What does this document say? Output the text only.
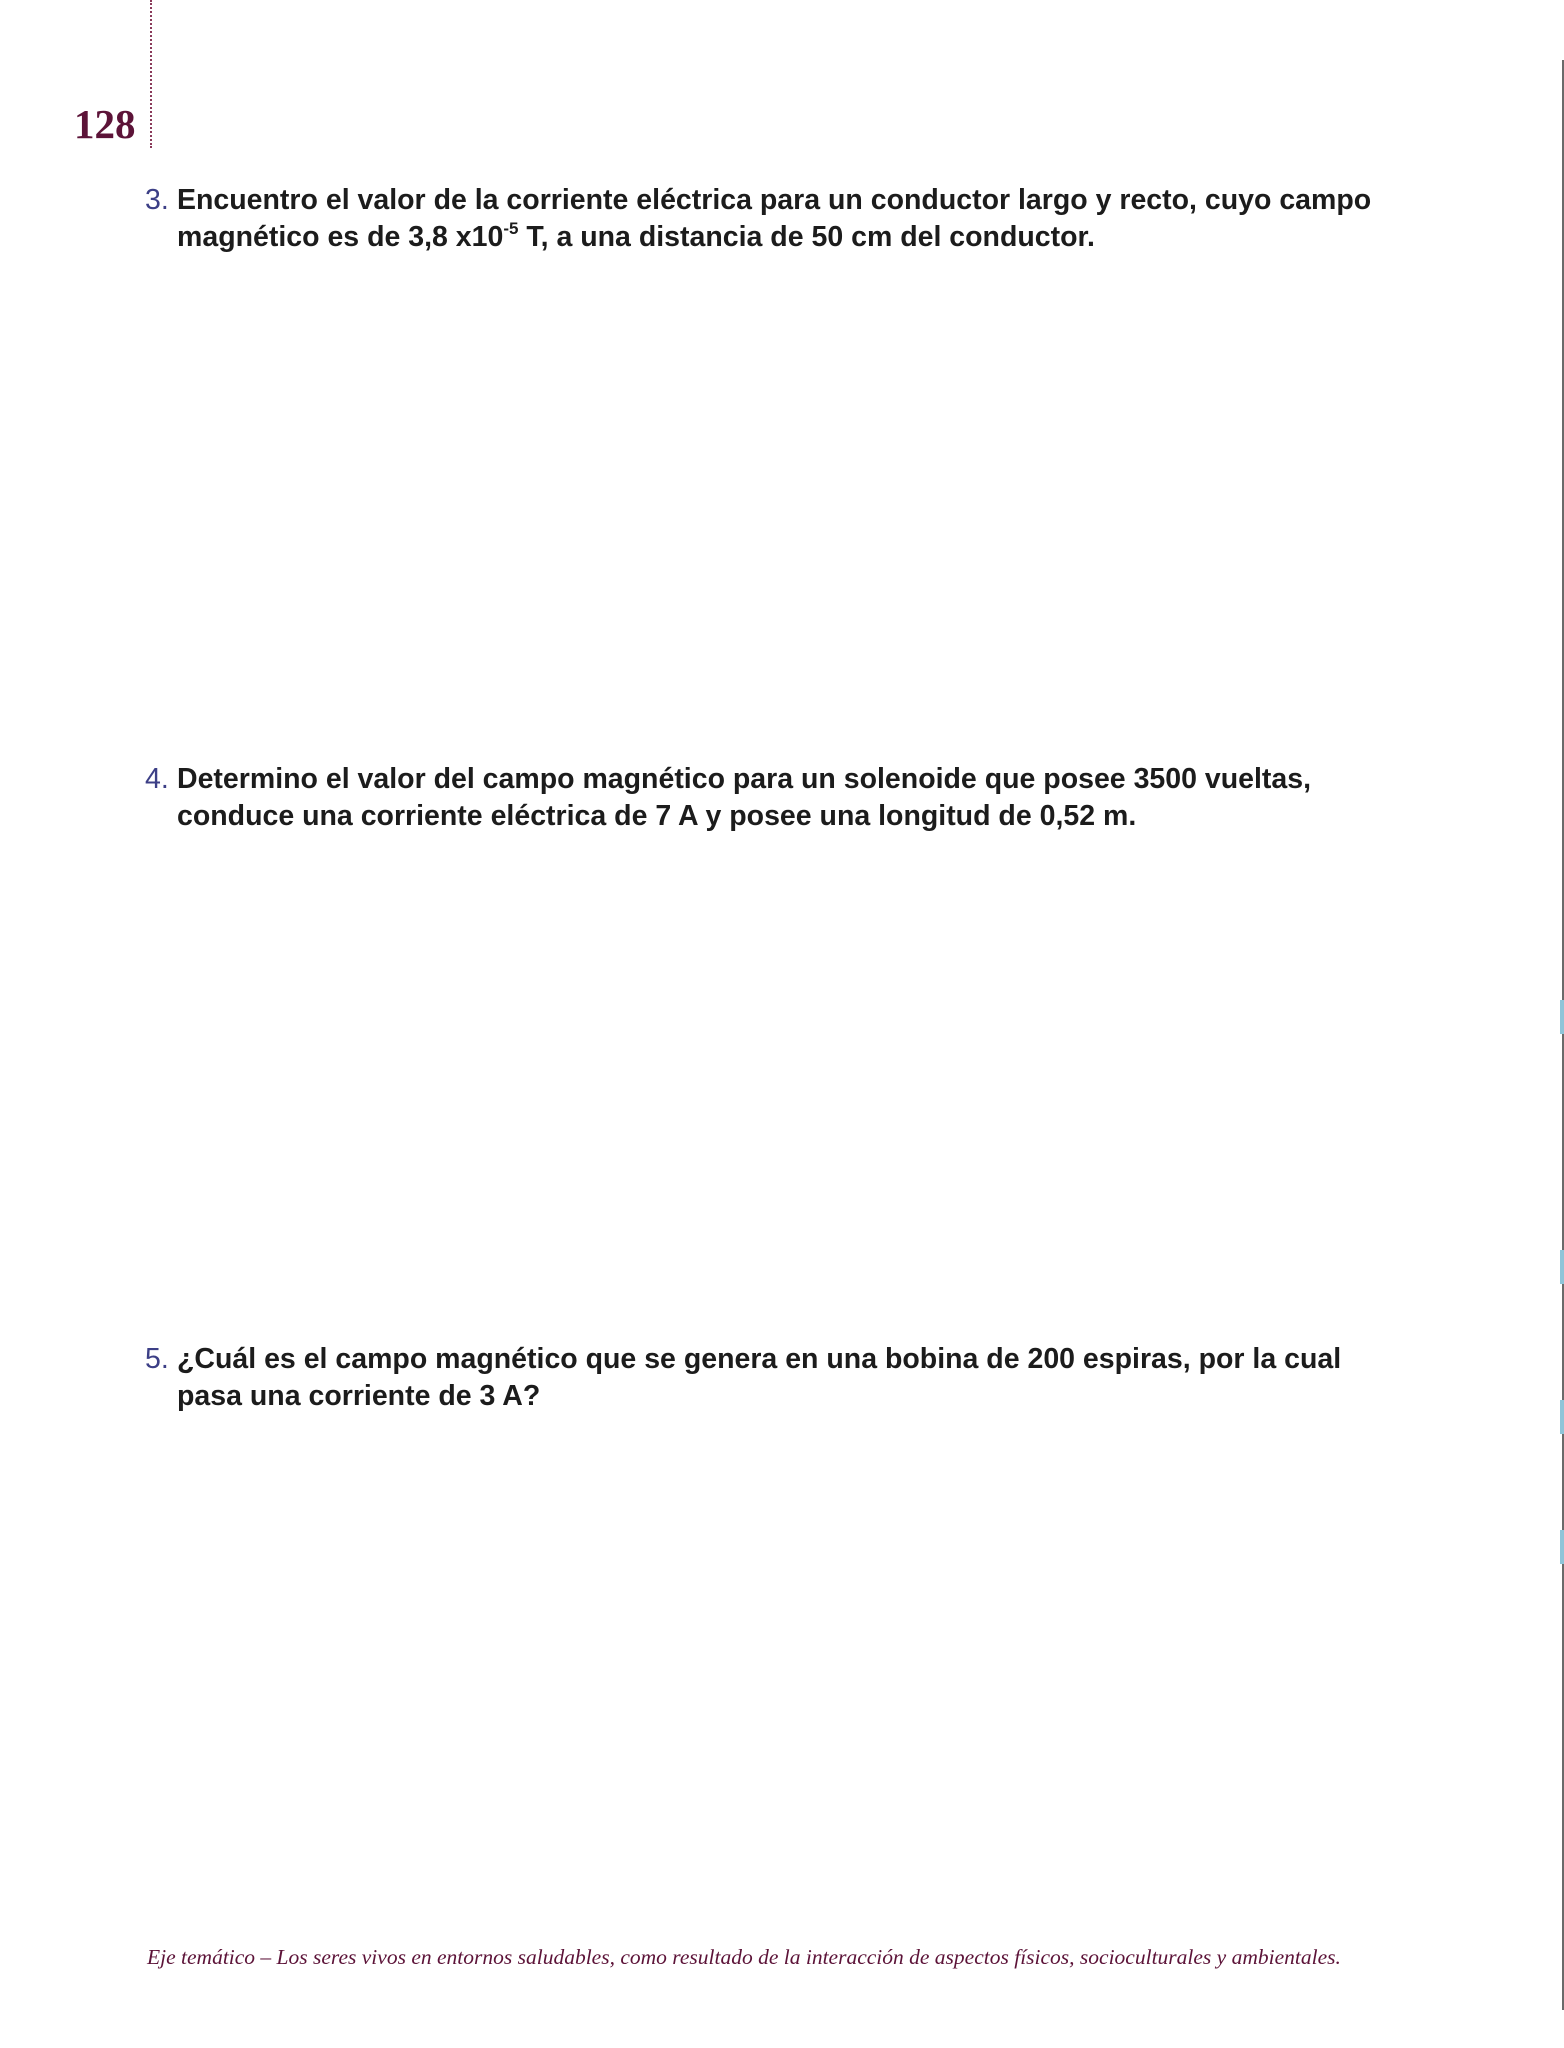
128
3. Encuentro el valor de la corriente eléctrica para un conductor largo y recto, cuyo campo magnético es de 3,8 $x10^{-5}$ T, a una distancia de 50 cm del conductor.
4. Determino el valor del campo magnético para un solenoide que posee 3500 vueltas, conduce una corriente eléctrica de 7 A y posee una longitud de 0,52 m.
5. ¿Cuál es el campo magnético que se genera en una bobina de 200 espiras, por la cual pasa una corriente de 3 A?
Eje temático – Los seres vivos en entornos saludables, como resultado de la interacción de aspectos físicos, socioculturales y ambientales.
